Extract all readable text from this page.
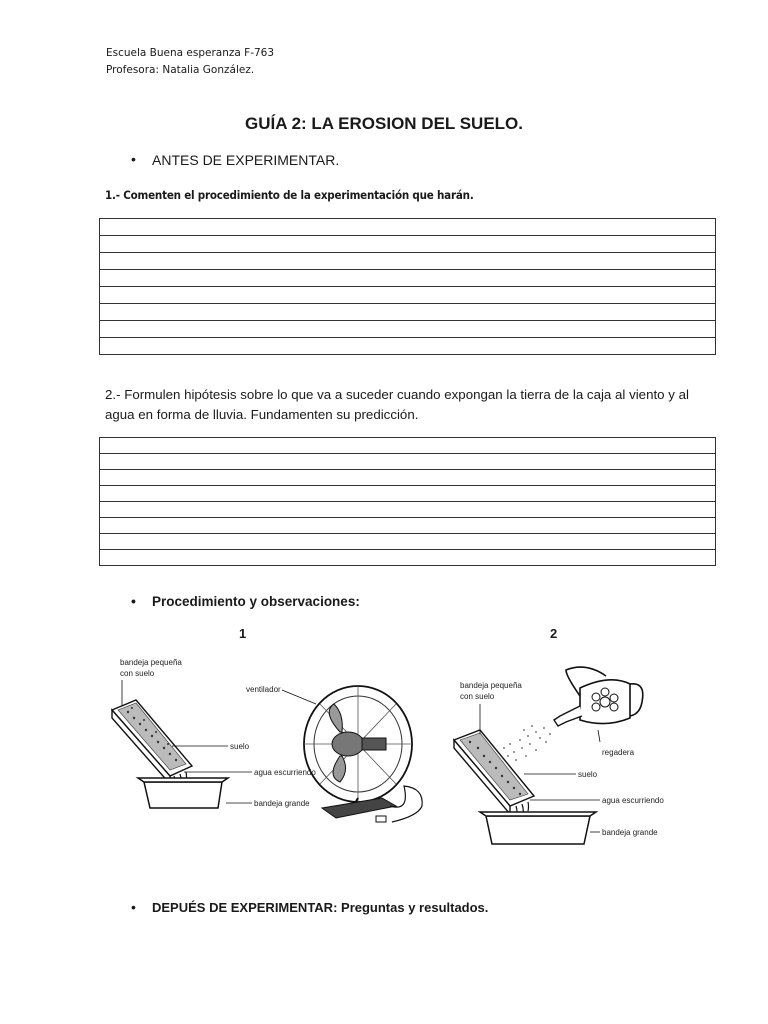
Escuela Buena esperanza F-763
Profesora: Natalia González.
GUÍA 2: LA EROSION DEL SUELO.
• ANTES DE EXPERIMENTAR.
1.- Comenten el procedimiento de la experimentación que harán.
2.- Formulen hipótesis sobre lo que va a suceder cuando expongan la tierra de la caja al viento y al agua en forma de lluvia. Fundamenten su predicción.
• Procedimiento y observaciones:
1	2
bandeja pequeña
con suelo
ventilador
suelo
agua escurriendo
bandeja grande
bandeja pequeña
con suelo
regadera
suelo
agua escurriendo
bandeja grande
• DEPUÉS DE EXPERIMENTAR: Preguntas y resultados.
